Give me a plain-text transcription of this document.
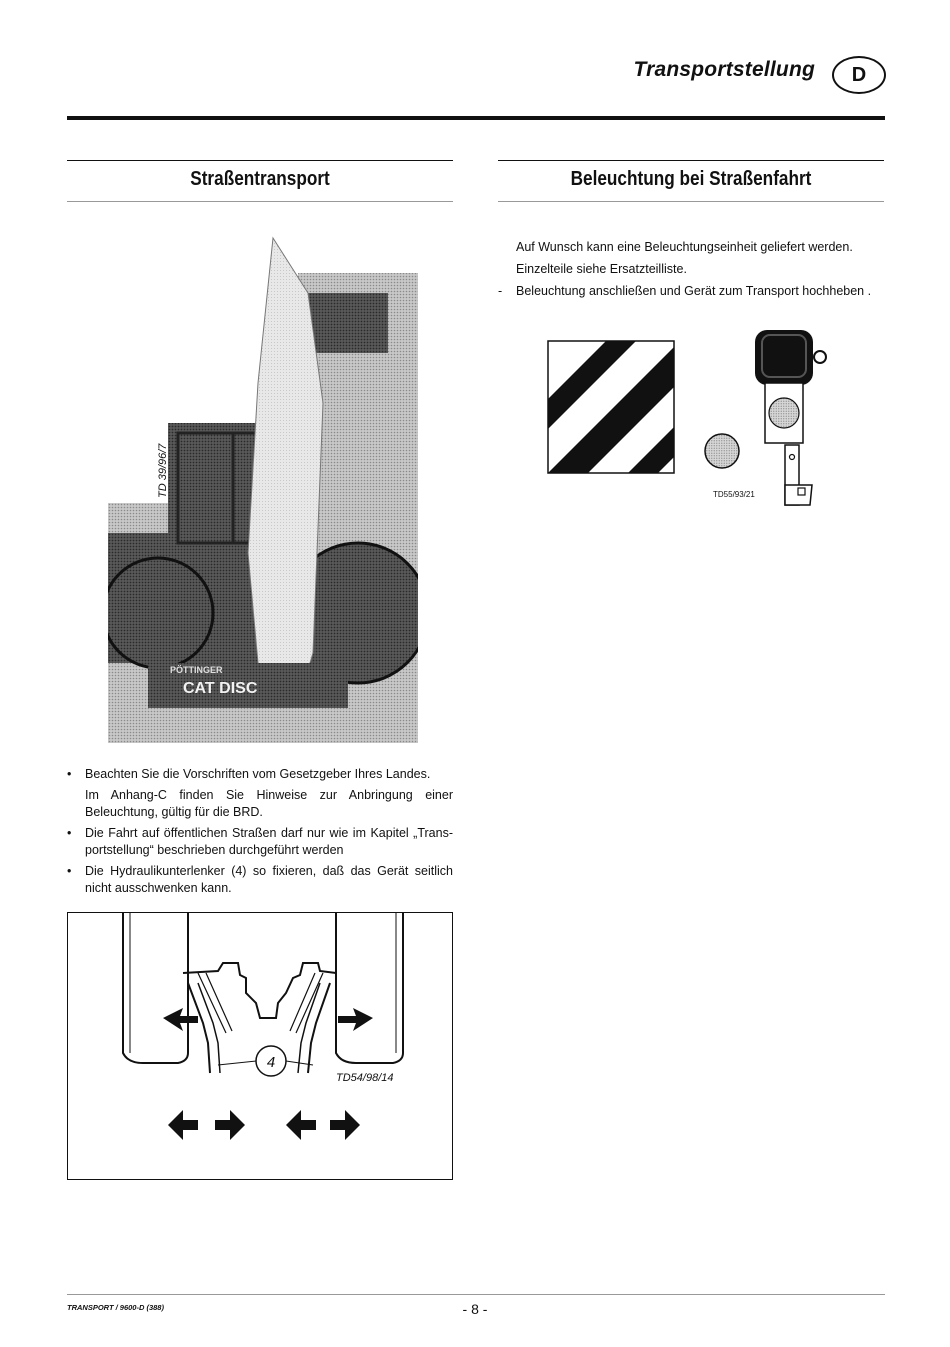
Transportstellung	D
Straßentransport	Beleuchtung bei Straßenfahrt
PÖTTINGER
CAT DISC
TD 39/96/7
• Beachten Sie die Vorschriften vom Gesetzgeber Ihres Landes.
Im Anhang-C finden Sie Hinweise zur Anbringung einer Beleuchtung, gültig für die BRD.
• Die Fahrt auf öffentlichen Straßen darf nur wie im Kapitel „Trans-portstellung“ beschrieben durchgeführt werden
• Die Hydraulikunterlenker (4) so fixieren, daß das Gerät seitlich nicht ausschwenken kann.
4
TD54/98/14
Auf Wunsch kann eine Beleuchtungseinheit geliefert werden.
Einzelteile siehe Ersatzteilliste.
- Beleuchtung anschließen und Gerät zum Transport hochheben .
TD55/93/21
TRANSPORT / 9600-D (388)	- 8 -
